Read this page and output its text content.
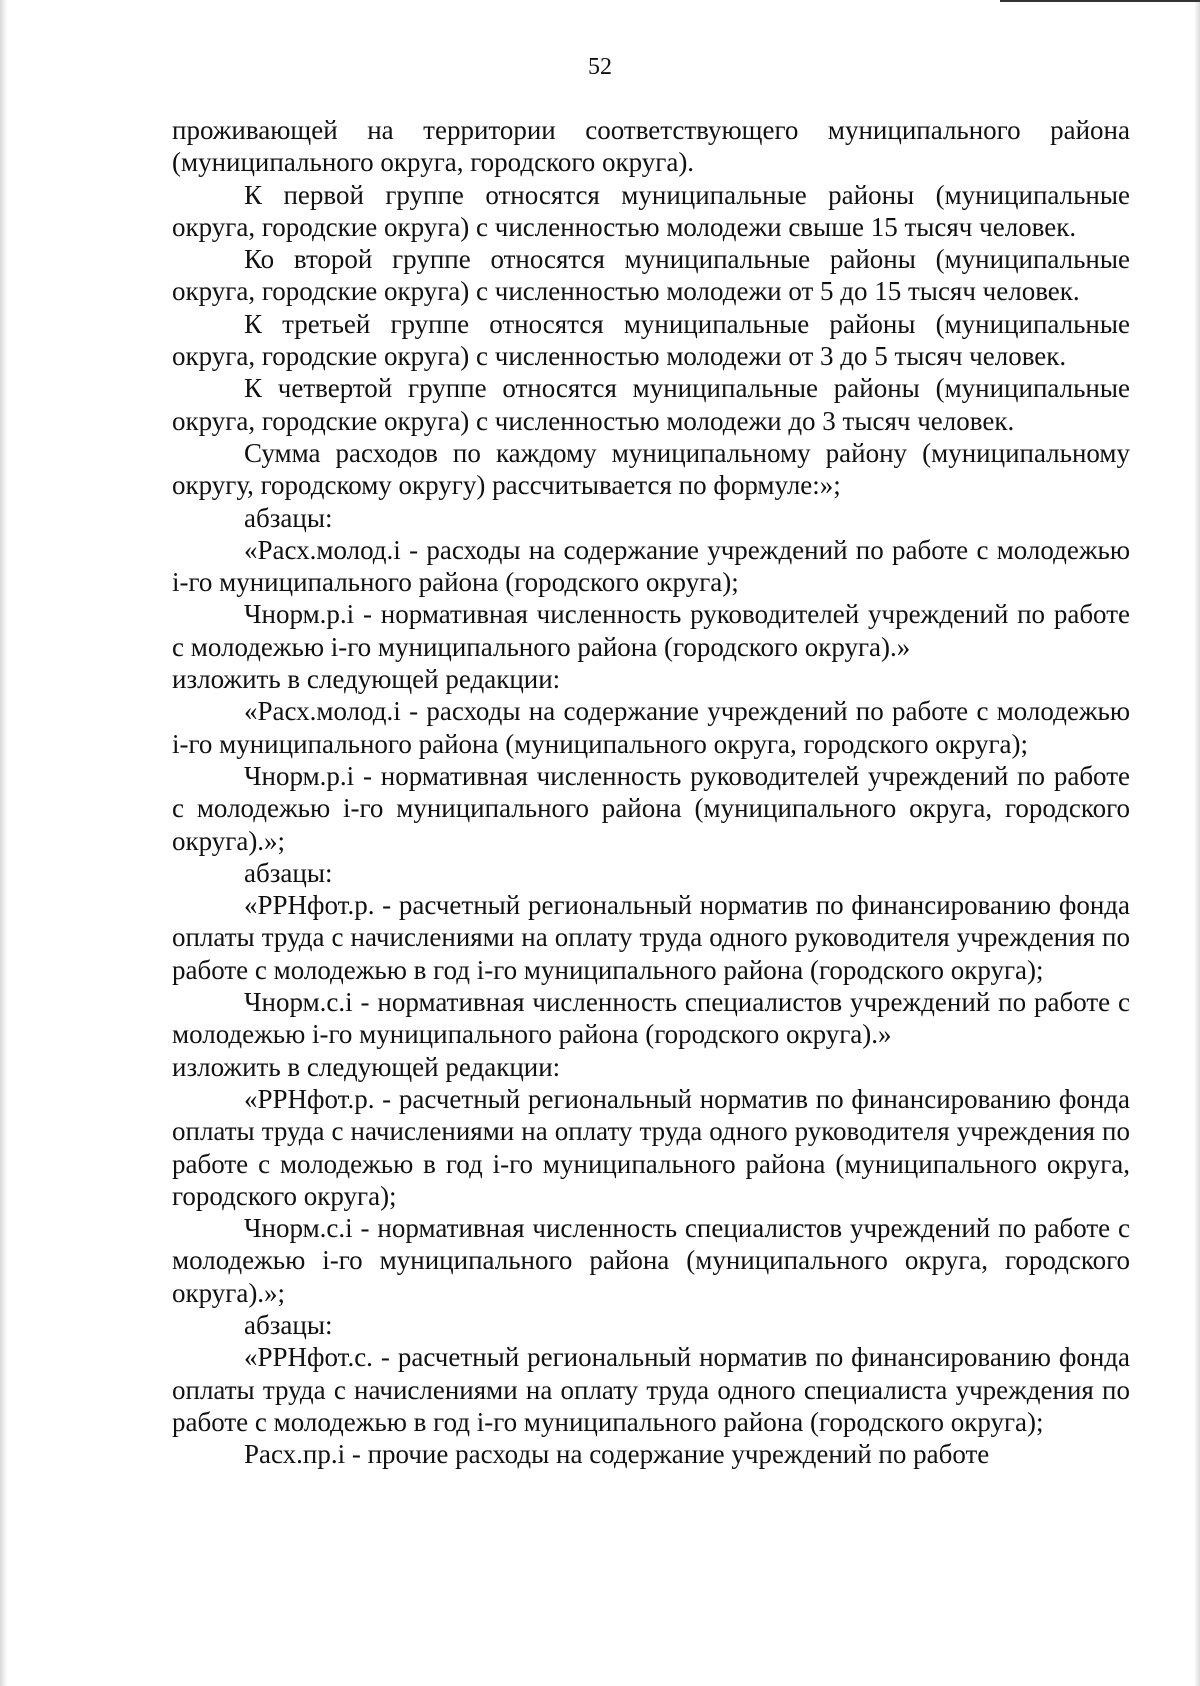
52

проживающей на территории соответствующего муниципального района (муниципального округа, городского округа).

К первой группе относятся муниципальные районы (муниципальные округа, городские округа) с численностью молодежи свыше 15 тысяч человек.

Ко второй группе относятся муниципальные районы (муниципальные округа, городские округа) с численностью молодежи от 5 до 15 тысяч человек.

К третьей группе относятся муниципальные районы (муниципальные округа, городские округа) с численностью молодежи от 3 до 5 тысяч человек.

К четвертой группе относятся муниципальные районы (муниципальные округа, городские округа) с численностью молодежи до 3 тысяч человек.

Сумма расходов по каждому муниципальному району (муниципальному округу, городскому округу) рассчитывается по формуле:»;

абзацы:

«Расх.молод.i - расходы на содержание учреждений по работе с молодежью i-го муниципального района (городского округа);

Чнорм.р.i - нормативная численность руководителей учреждений по работе с молодежью i-го муниципального района (городского округа).»

изложить в следующей редакции:

«Расх.молод.i - расходы на содержание учреждений по работе с молодежью i-го муниципального района (муниципального округа, городского округа);

Чнорм.р.i - нормативная численность руководителей учреждений по работе с молодежью i-го муниципального района (муниципального округа, городского округа).»;

абзацы:

«РРНфот.р. - расчетный региональный норматив по финансированию фонда оплаты труда с начислениями на оплату труда одного руководителя учреждения по работе с молодежью в год i-го муниципального района (городского округа);

Чнорм.с.i - нормативная численность специалистов учреждений по работе с молодежью i-го муниципального района (городского округа).»

изложить в следующей редакции:

«РРНфот.р. - расчетный региональный норматив по финансированию фонда оплаты труда с начислениями на оплату труда одного руководителя учреждения по работе с молодежью в год i-го муниципального района (муниципального округа, городского округа);

Чнорм.с.i - нормативная численность специалистов учреждений по работе с молодежью i-го муниципального района (муниципального округа, городского округа).»;

абзацы:

«РРНфот.с. - расчетный региональный норматив по финансированию фонда оплаты труда с начислениями на оплату труда одного специалиста учреждения по работе с молодежью в год i-го муниципального района (городского округа);

Расх.пр.i - прочие расходы на содержание учреждений по работе
